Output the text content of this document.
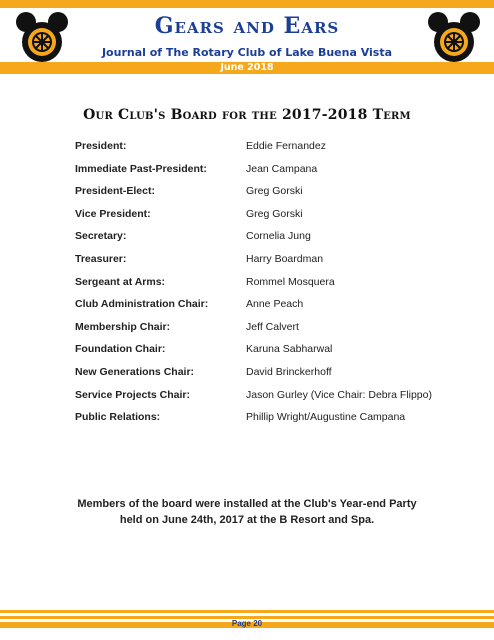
Gears and Ears
Journal of The Rotary Club of Lake Buena Vista
June 2018
Our Club's Board for the 2017-2018 Term
President:	Eddie Fernandez
Immediate Past-President:	Jean Campana
President-Elect:	Greg Gorski
Vice President:	Greg Gorski
Secretary:	Cornelia Jung
Treasurer:	Harry Boardman
Sergeant at Arms:	Rommel Mosquera
Club Administration Chair:	Anne Peach
Membership Chair:	Jeff Calvert
Foundation Chair:	Karuna Sabharwal
New Generations Chair:	David Brinckerhoff
Service Projects Chair:	Jason Gurley (Vice Chair: Debra Flippo)
Public Relations:	Phillip Wright/Augustine Campana
Members of the board were installed at the Club's Year-end Party
held on June 24th, 2017 at the B Resort and Spa.
Page 20
